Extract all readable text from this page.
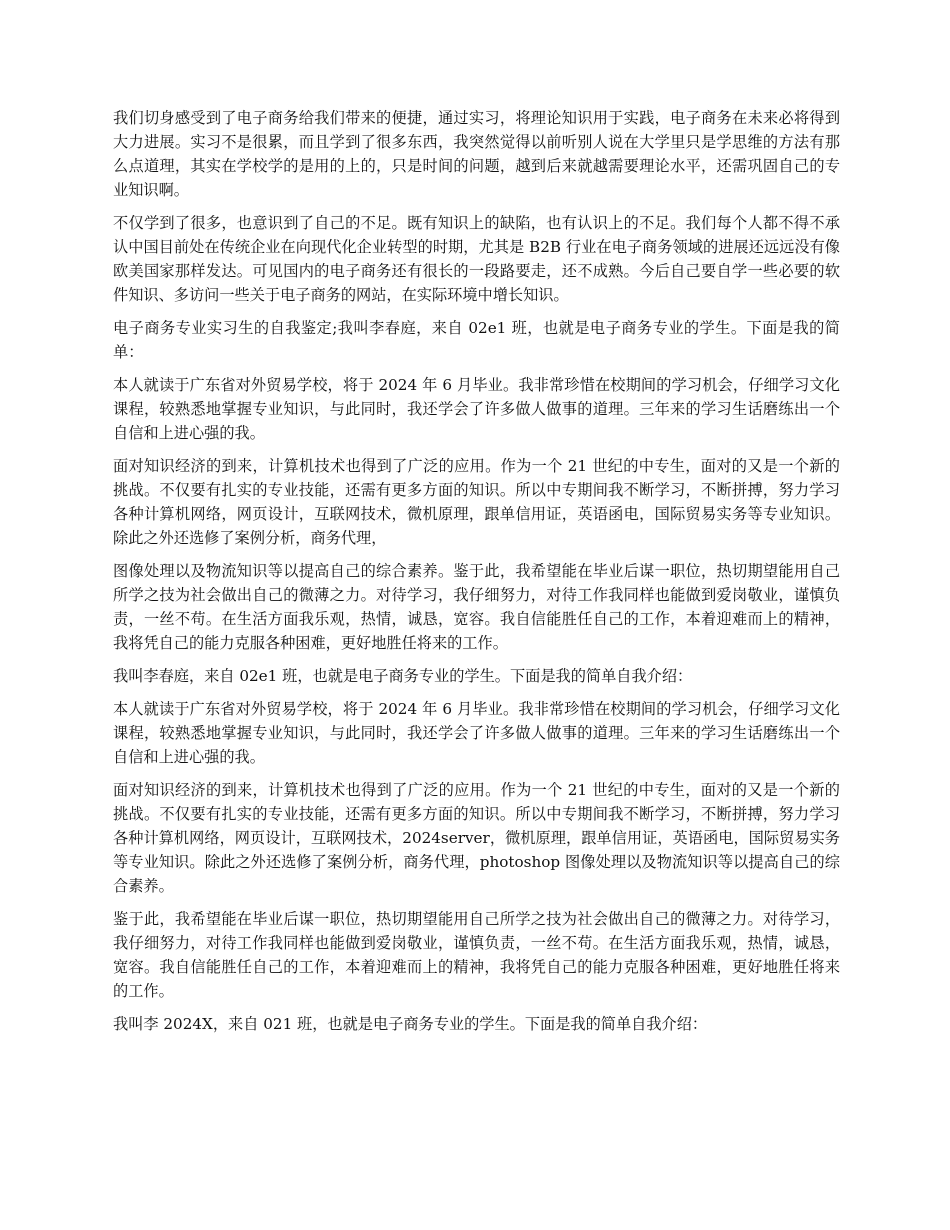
我们切身感受到了电子商务给我们带来的便捷，通过实习，将理论知识用于实践，电子商务在未来必将得到大力进展。实习不是很累，而且学到了很多东西，我突然觉得以前听别人说在大学里只是学思维的方法有那么点道理，其实在学校学的是用的上的，只是时间的问题，越到后来就越需要理论水平，还需巩固自己的专业知识啊。

不仅学到了很多，也意识到了自己的不足。既有知识上的缺陷，也有认识上的不足。我们每个人都不得不承认中国目前处在传统企业在向现代化企业转型的时期，尤其是 B2B 行业在电子商务领域的进展还远远没有像欧美国家那样发达。可见国内的电子商务还有很长的一段路要走，还不成熟。今后自己要自学一些必要的软件知识、多访问一些关于电子商务的网站，在实际环境中增长知识。

电子商务专业实习生的自我鉴定;我叫李春庭，来自 02e1 班，也就是电子商务专业的学生。下面是我的简单：

本人就读于广东省对外贸易学校，将于 2024 年 6 月毕业。我非常珍惜在校期间的学习机会，仔细学习文化课程，较熟悉地掌握专业知识，与此同时，我还学会了许多做人做事的道理。三年来的学习生话磨练出一个自信和上进心强的我。

面对知识经济的到来，计算机技术也得到了广泛的应用。作为一个 21 世纪的中专生，面对的又是一个新的挑战。不仅要有扎实的专业技能，还需有更多方面的知识。所以中专期间我不断学习，不断拼搏，努力学习各种计算机网络，网页设计，互联网技术，微机原理，跟单信用证，英语函电，国际贸易实务等专业知识。除此之外还选修了案例分析，商务代理，

图像处理以及物流知识等以提高自己的综合素养。鉴于此，我希望能在毕业后谋一职位，热切期望能用自己所学之技为社会做出自己的微薄之力。对待学习，我仔细努力，对待工作我同样也能做到爱岗敬业，谨慎负责，一丝不苟。在生活方面我乐观，热情，诚恳，宽容。我自信能胜任自己的工作，本着迎难而上的精神，我将凭自己的能力克服各种困难，更好地胜任将来的工作。

我叫李春庭，来自 02e1 班，也就是电子商务专业的学生。下面是我的简单自我介绍：

本人就读于广东省对外贸易学校，将于 2024 年 6 月毕业。我非常珍惜在校期间的学习机会，仔细学习文化课程，较熟悉地掌握专业知识，与此同时，我还学会了许多做人做事的道理。三年来的学习生话磨练出一个自信和上进心强的我。

面对知识经济的到来，计算机技术也得到了广泛的应用。作为一个 21 世纪的中专生，面对的又是一个新的挑战。不仅要有扎实的专业技能，还需有更多方面的知识。所以中专期间我不断学习，不断拼搏，努力学习各种计算机网络，网页设计，互联网技术，2024server，微机原理，跟单信用证，英语函电，国际贸易实务等专业知识。除此之外还选修了案例分析，商务代理，photoshop 图像处理以及物流知识等以提高自己的综合素养。

鉴于此，我希望能在毕业后谋一职位，热切期望能用自己所学之技为社会做出自己的微薄之力。对待学习，我仔细努力，对待工作我同样也能做到爱岗敬业，谨慎负责，一丝不苟。在生活方面我乐观，热情，诚恳，宽容。我自信能胜任自己的工作，本着迎难而上的精神，我将凭自己的能力克服各种困难，更好地胜任将来的工作。

我叫李 2024X，来自 021 班，也就是电子商务专业的学生。下面是我的简单自我介绍：
